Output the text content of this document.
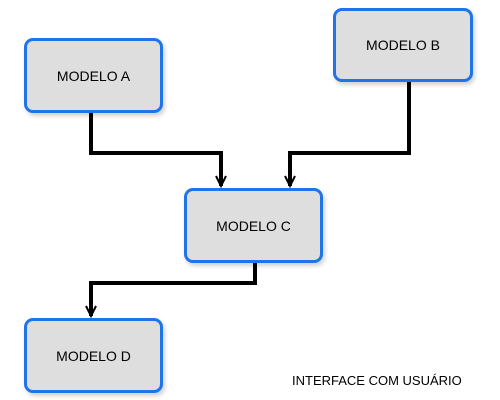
MODELO A
MODELO B
MODELO C
MODELO D
INTERFACE COM USUÁRIO
